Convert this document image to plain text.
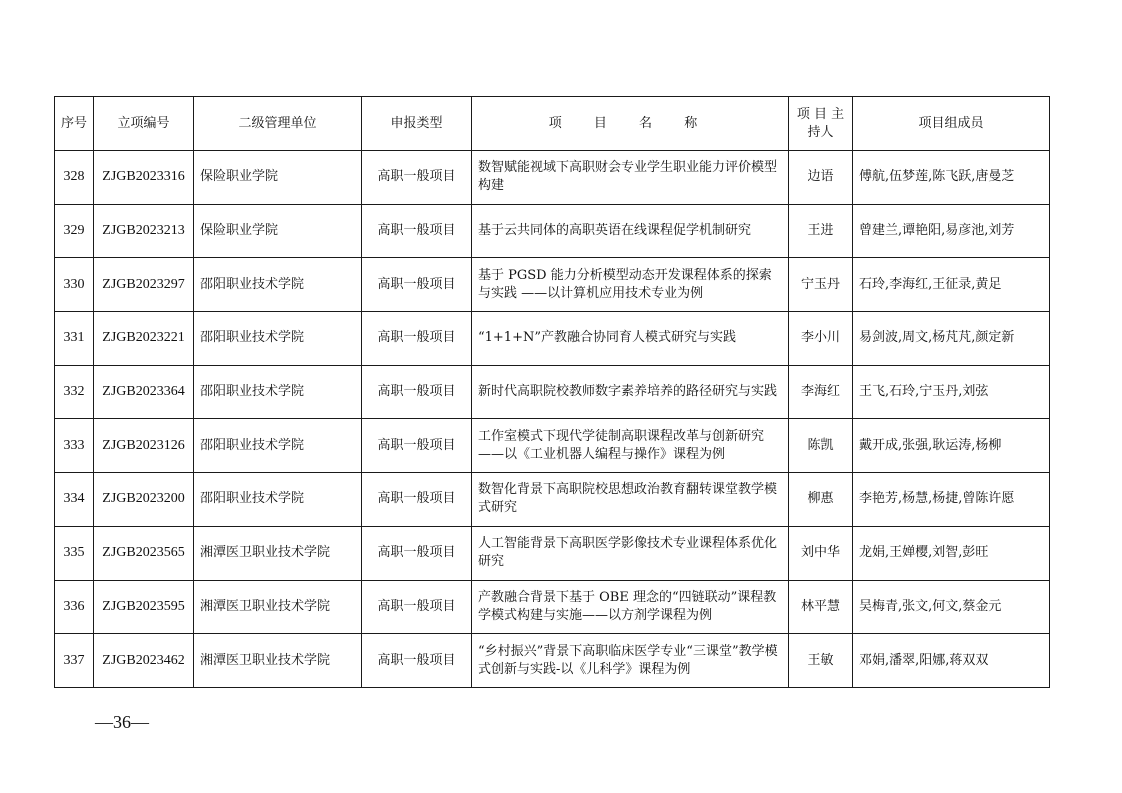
序号	立项编号	二级管理单位	申报类型	项 目 名 称	项 目 主持人	项目组成员
328	ZJGB2023316	保险职业学院	高职一般项目	数智赋能视域下高职财会专业学生职业能力评价模型构建	边语	傅航,伍梦莲,陈飞跃,唐曼芝
329	ZJGB2023213	保险职业学院	高职一般项目	基于云共同体的高职英语在线课程促学机制研究	王进	曾建兰,谭艳阳,易彦池,刘芳
330	ZJGB2023297	邵阳职业技术学院	高职一般项目	基于 PGSD 能力分析模型动态开发课程体系的探索与实践 ——以计算机应用技术专业为例	宁玉丹	石玲,李海红,王征录,黄足
331	ZJGB2023221	邵阳职业技术学院	高职一般项目	“1+1+N”产教融合协同育人模式研究与实践	李小川	易剑波,周文,杨芃芃,颜定新
332	ZJGB2023364	邵阳职业技术学院	高职一般项目	新时代高职院校教师数字素养培养的路径研究与实践	李海红	王飞,石玲,宁玉丹,刘弦
333	ZJGB2023126	邵阳职业技术学院	高职一般项目	工作室模式下现代学徒制高职课程改革与创新研究 ——以《工业机器人编程与操作》课程为例	陈凯	戴开成,张强,耿运涛,杨柳
334	ZJGB2023200	邵阳职业技术学院	高职一般项目	数智化背景下高职院校思想政治教育翻转课堂教学模式研究	柳惠	李艳芳,杨慧,杨捷,曾陈许愿
335	ZJGB2023565	湘潭医卫职业技术学院	高职一般项目	人工智能背景下高职医学影像技术专业课程体系优化研究	刘中华	龙娟,王婵樱,刘智,彭旺
336	ZJGB2023595	湘潭医卫职业技术学院	高职一般项目	产教融合背景下基于 OBE 理念的“四链联动”课程教学模式构建与实施——以方剂学课程为例	林平慧	吴梅青,张文,何文,蔡金元
337	ZJGB2023462	湘潭医卫职业技术学院	高职一般项目	“乡村振兴”背景下高职临床医学专业“三课堂”教学模式创新与实践-以《儿科学》课程为例	王敏	邓娟,潘翠,阳娜,蒋双双
—36—
